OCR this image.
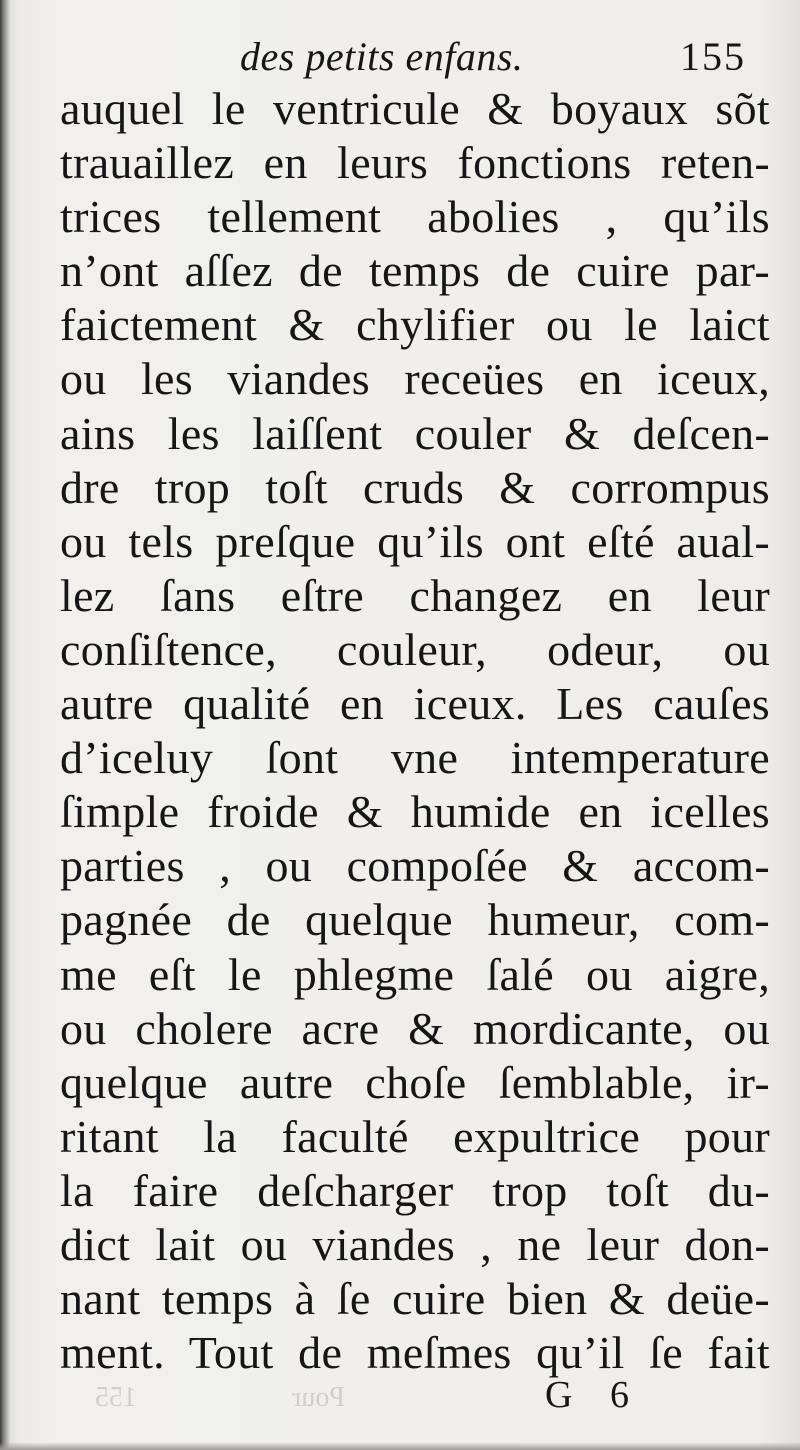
des petits enfans.	155
auquel le ventricule & boyaux sõt
trauaillez en leurs fonctions reten-
trices tellement abolies , qu’ils
n’ont aſſez de temps de cuire par-
faictement & chylifier ou le laict
ou les viandes receües en iceux,
ains les laiſſent couler & deſcen-
dre trop toſt cruds & corrompus
ou tels preſque qu’ils ont eſté aual-
lez ſans eſtre changez en leur
conſiſtence, couleur, odeur, ou
autre qualité en iceux. Les cauſes
d’iceluy ſont vne intemperature
ſimple froide & humide en icelles
parties , ou compoſée & accom-
pagnée de quelque humeur, com-
me eſt le phlegme ſalé ou aigre,
ou cholere acre & mordicante, ou
quelque autre choſe ſemblable, ir-
ritant la faculté expultrice pour
la faire deſcharger trop toſt du-
dict lait ou viandes , ne leur don-
nant temps à ſe cuire bien & deüe-
ment. Tout de meſmes qu’il ſe fait
Pour
155	G 6
